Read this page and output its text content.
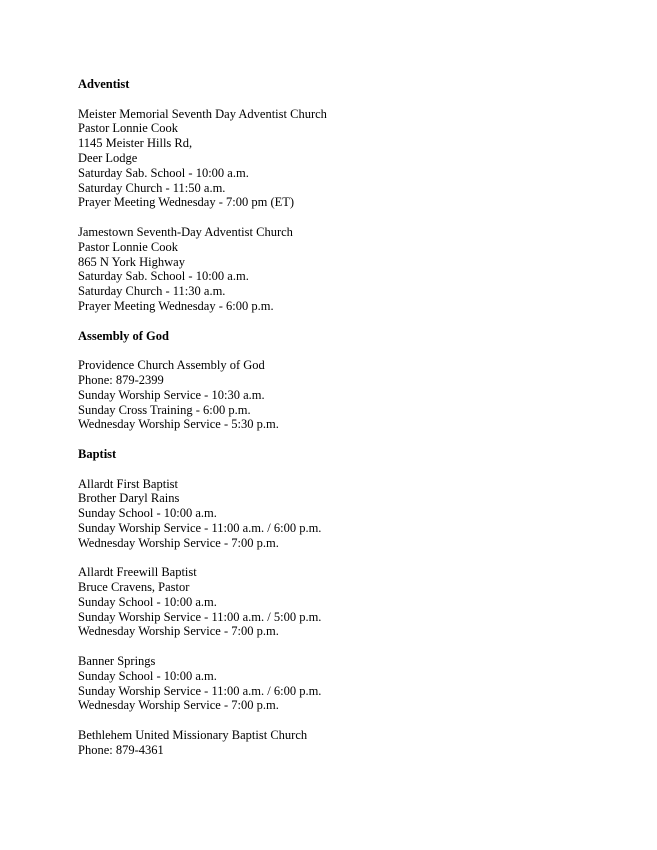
Adventist
Meister Memorial Seventh Day Adventist Church
Pastor Lonnie Cook
1145 Meister Hills Rd,
Deer Lodge
Saturday Sab. School - 10:00 a.m.
Saturday Church - 11:50 a.m.
Prayer Meeting Wednesday - 7:00 pm (ET)
Jamestown Seventh-Day Adventist Church
Pastor Lonnie Cook
865 N York Highway
Saturday Sab. School - 10:00 a.m.
Saturday Church - 11:30 a.m.
Prayer Meeting Wednesday - 6:00 p.m.
Assembly of God
Providence Church Assembly of God
Phone: 879-2399
Sunday Worship Service - 10:30 a.m.
Sunday Cross Training - 6:00 p.m.
Wednesday Worship Service - 5:30 p.m.
Baptist
Allardt First Baptist
Brother Daryl Rains
Sunday School - 10:00 a.m.
Sunday Worship Service - 11:00 a.m. / 6:00 p.m.
Wednesday Worship Service - 7:00 p.m.
Allardt Freewill Baptist
Bruce Cravens, Pastor
Sunday School - 10:00 a.m.
Sunday Worship Service - 11:00 a.m. / 5:00 p.m.
Wednesday Worship Service - 7:00 p.m.
Banner Springs
Sunday School - 10:00 a.m.
Sunday Worship Service - 11:00 a.m. / 6:00 p.m.
Wednesday Worship Service - 7:00 p.m.
Bethlehem United Missionary Baptist Church
Phone: 879-4361
